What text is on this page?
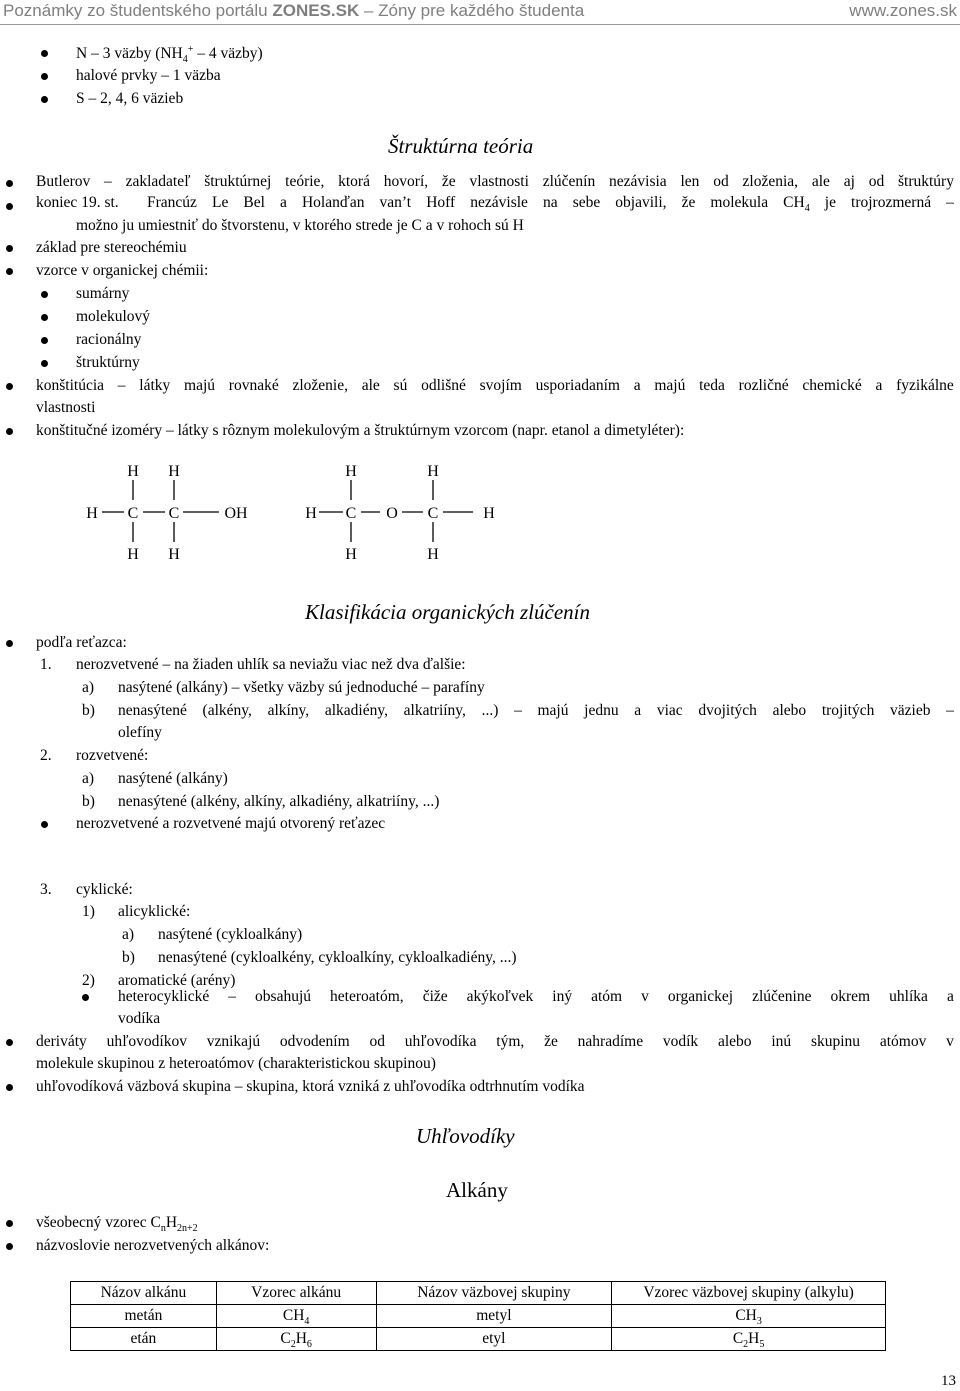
Poznámky zo študentského portálu ZONES.SK – Zóny pre každého študenta	www.zones.sk
N – 3 väzby ($NH_4^+ - 4$ väzby)
halové prvky – 1 väzba
S – 2, 4, 6 väzieb
Štruktúrna teória
Butlerov – zakladateľ štruktúrnej teórie, ktorá hovorí, že vlastnosti zlúčenín nezávisia len od zloženia, ale aj od štruktúry
koniec 19. st. Francúz Le Bel a Holanďan van’t Hoff nezávisle na sebe objavili, že molekula $CH_4$ je trojrozmerná –
možno ju umiestniť do štvorstenu, v ktorého strede je C a v rohoch sú H
základ pre stereochémiu
vzorce v organickej chémii:
sumárny
molekulový
racionálny
štruktúrny
konštitúcia – látky majú rovnaké zloženie, ale sú odlišné svojím usporiadaním a majú teda rozličné chemické a fyzikálne
vlastnosti
konštitučné izoméry – látky s rôznym molekulovým a štruktúrnym vzorcom (napr. etanol a dimetyléter):
H H
H C C	OH
H H
H	H
H C O C	H
H	H
Klasifikácia organických zlúčenín
podľa reťazca:
1. nerozvetvené – na žiaden uhlík sa neviažu viac než dva ďalšie:
a) nasýtené (alkány) – všetky väzby sú jednoduché – parafíny
b) nenasýtené (alkény, alkíny, alkadiény, alkatriíny, ...) – majú jednu a viac dvojitých alebo trojitých väzieb –
olefíny
2. rozvetvené:
a) nasýtené (alkány)
b) nenasýtené (alkény, alkíny, alkadiény, alkatriíny, ...)
nerozvetvené a rozvetvené majú otvorený reťazec
3. cyklické:
1) alicyklické:
a) nasýtené (cykloalkány)
b) nenasýtené (cykloalkény, cykloalkíny, cykloalkadiény, ...)
2) aromatické (arény)
heterocyklické – obsahujú heteroatóm, čiže akýkoľvek iný atóm v organickej zlúčenine okrem uhlíka a
vodíka
deriváty uhľovodíkov vznikajú odvodením od uhľovodíka tým, že nahradíme vodík alebo inú skupinu atómov v
molekule skupinou z heteroatómov (charakteristickou skupinou)
uhľovodíková väzbová skupina – skupina, ktorá vzniká z uhľovodíka odtrhnutím vodíka
Uhľovodíky
Alkány
všeobecný vzorec $C_nH_{2n+2}$
názvoslovie nerozvetvených alkánov:
Názov alkánu	Vzorec alkánu	Názov väzbovej skupiny	Vzorec väzbovej skupiny (alkylu)
metán	$CH_4$	metyl	$CH_3$
etán	$C_2H_6$	etyl	$C_2H_5$
13
